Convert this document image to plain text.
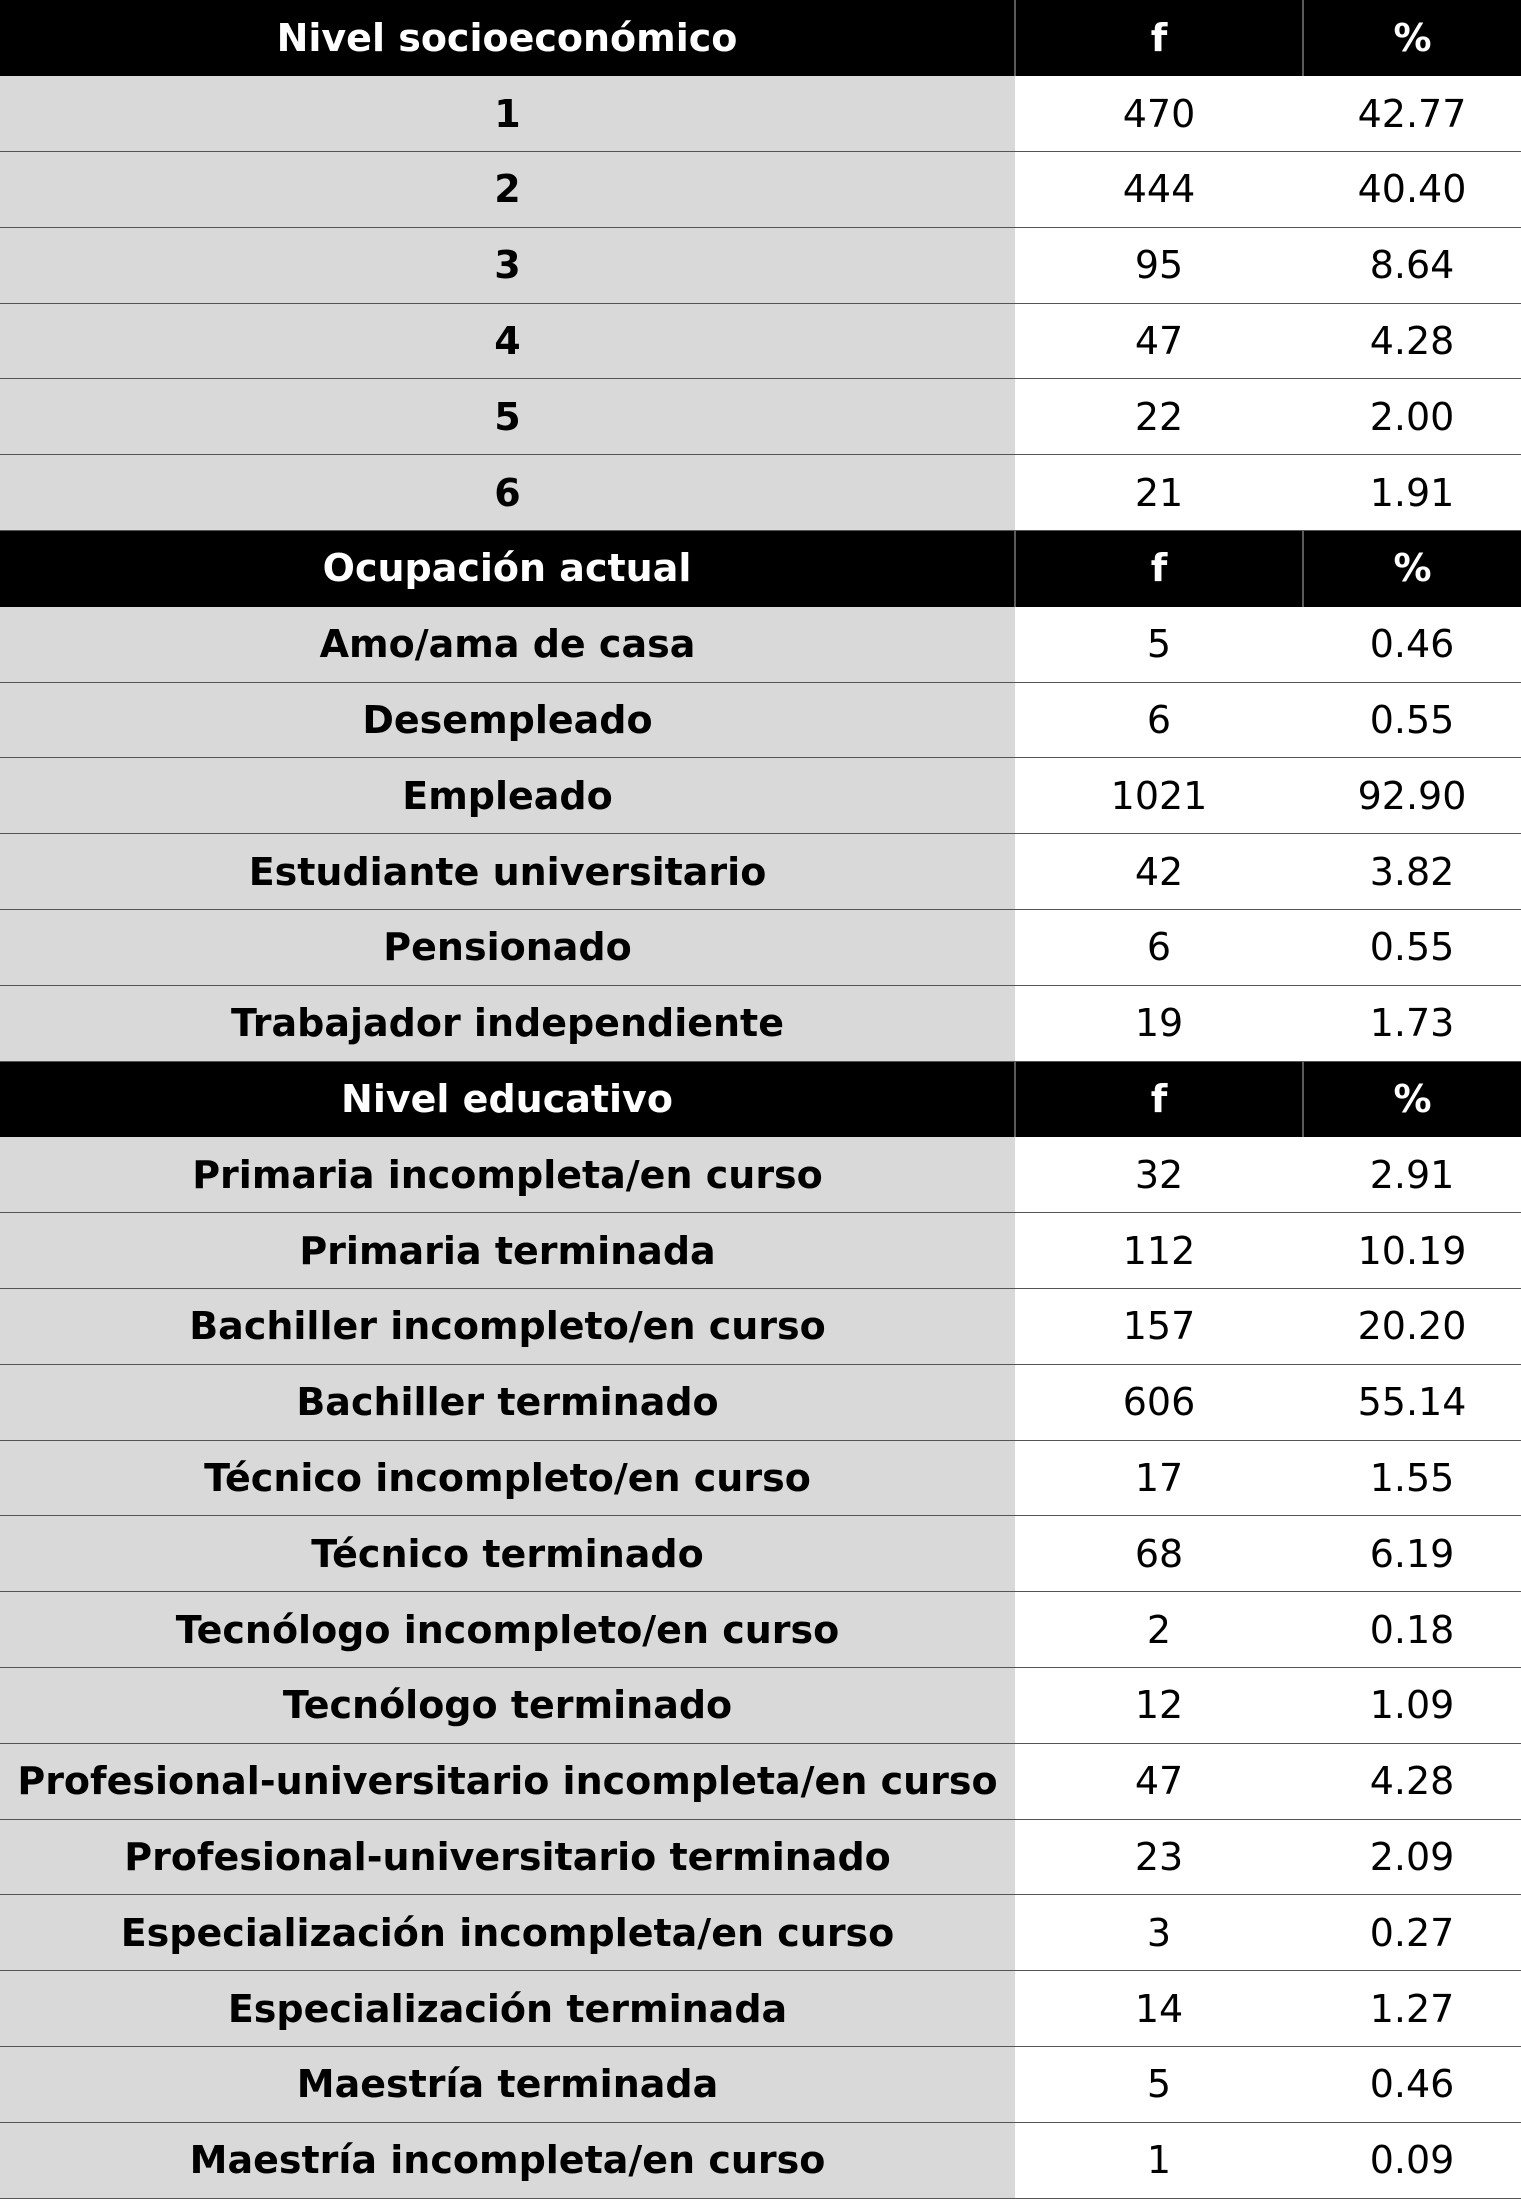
Nivel socioeconómico	f	%
1	470	42.77
2	444	40.40
3	95	8.64
4	47	4.28
5	22	2.00
6	21	1.91
Ocupación actual	f	%
Amo/ama de casa	5	0.46
Desempleado	6	0.55
Empleado	1021	92.90
Estudiante universitario	42	3.82
Pensionado	6	0.55
Trabajador independiente	19	1.73
Nivel educativo	f	%
Primaria incompleta/en curso	32	2.91
Primaria terminada	112	10.19
Bachiller incompleto/en curso	157	20.20
Bachiller terminado	606	55.14
Técnico incompleto/en curso	17	1.55
Técnico terminado	68	6.19
Tecnólogo incompleto/en curso	2	0.18
Tecnólogo terminado	12	1.09
Profesional-universitario incompleta/en curso	47	4.28
Profesional-universitario terminado	23	2.09
Especialización incompleta/en curso	3	0.27
Especialización terminada	14	1.27
Maestría terminada	5	0.46
Maestría incompleta/en curso	1	0.09
